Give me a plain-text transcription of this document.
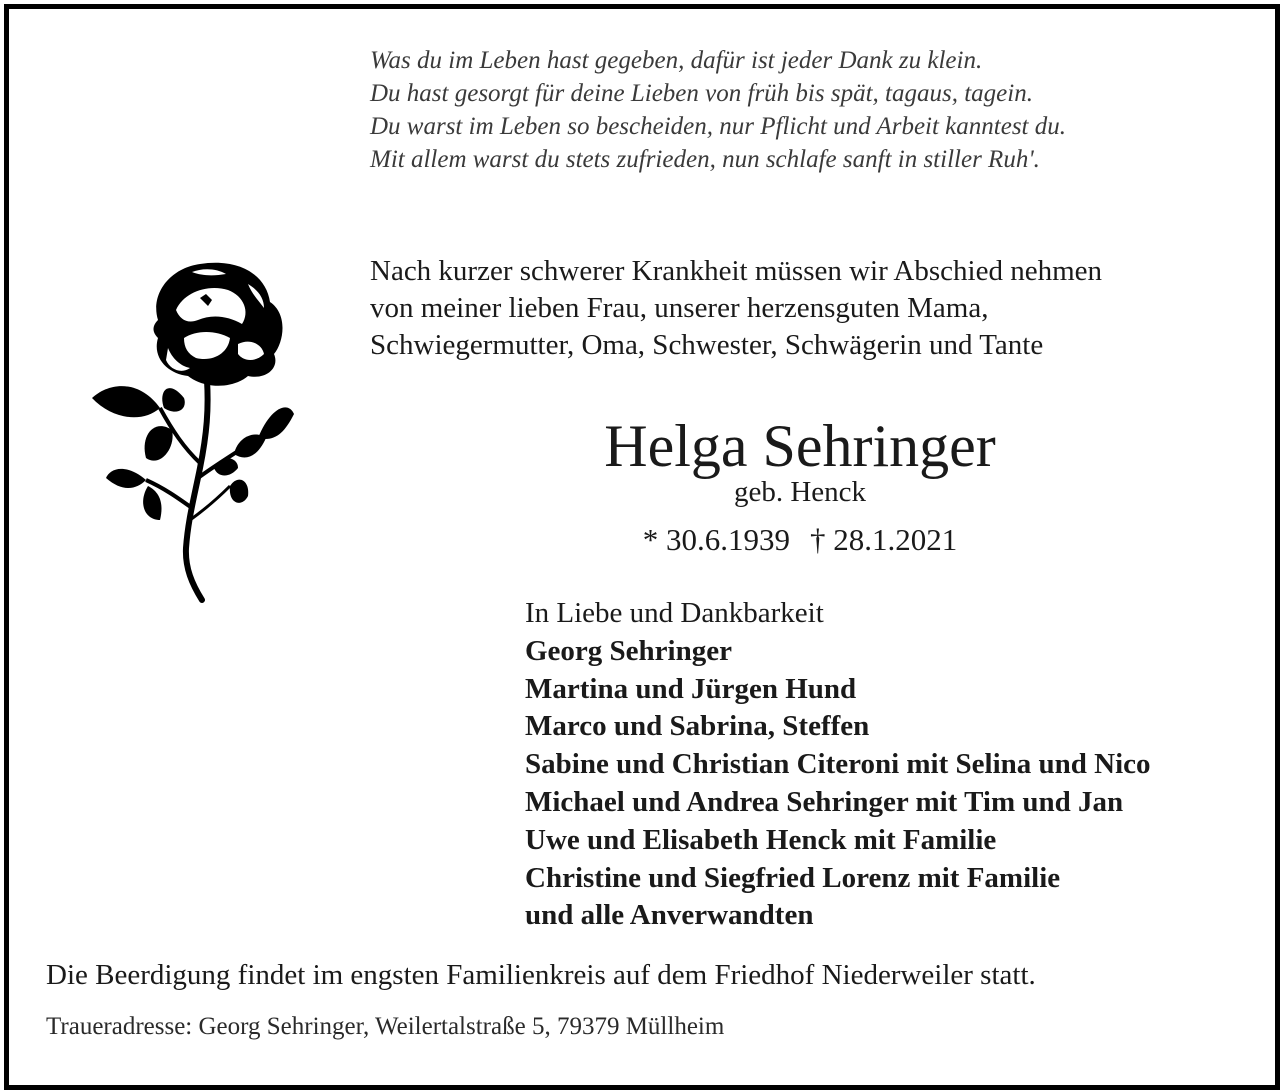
Was du im Leben hast gegeben, dafür ist jeder Dank zu klein.
Du hast gesorgt für deine Lieben von früh bis spät, tagaus, tagein.
Du warst im Leben so bescheiden, nur Pflicht und Arbeit kanntest du.
Mit allem warst du stets zufrieden, nun schlafe sanft in stiller Ruh'.
Nach kurzer schwerer Krankheit müssen wir Abschied nehmen
von meiner lieben Frau, unserer herzensguten Mama,
Schwiegermutter, Oma, Schwester, Schwägerin und Tante
Helga Sehringer
geb. Henck
* 30.6.1939 † 28.1.2021
In Liebe und Dankbarkeit
Georg Sehringer
Martina und Jürgen Hund
Marco und Sabrina, Steffen
Sabine und Christian Citeroni mit Selina und Nico
Michael und Andrea Sehringer mit Tim und Jan
Uwe und Elisabeth Henck mit Familie
Christine und Siegfried Lorenz mit Familie
und alle Anverwandten
Die Beerdigung findet im engsten Familienkreis auf dem Friedhof Niederweiler statt.
Traueradresse: Georg Sehringer, Weilertalstraße 5, 79379 Müllheim
